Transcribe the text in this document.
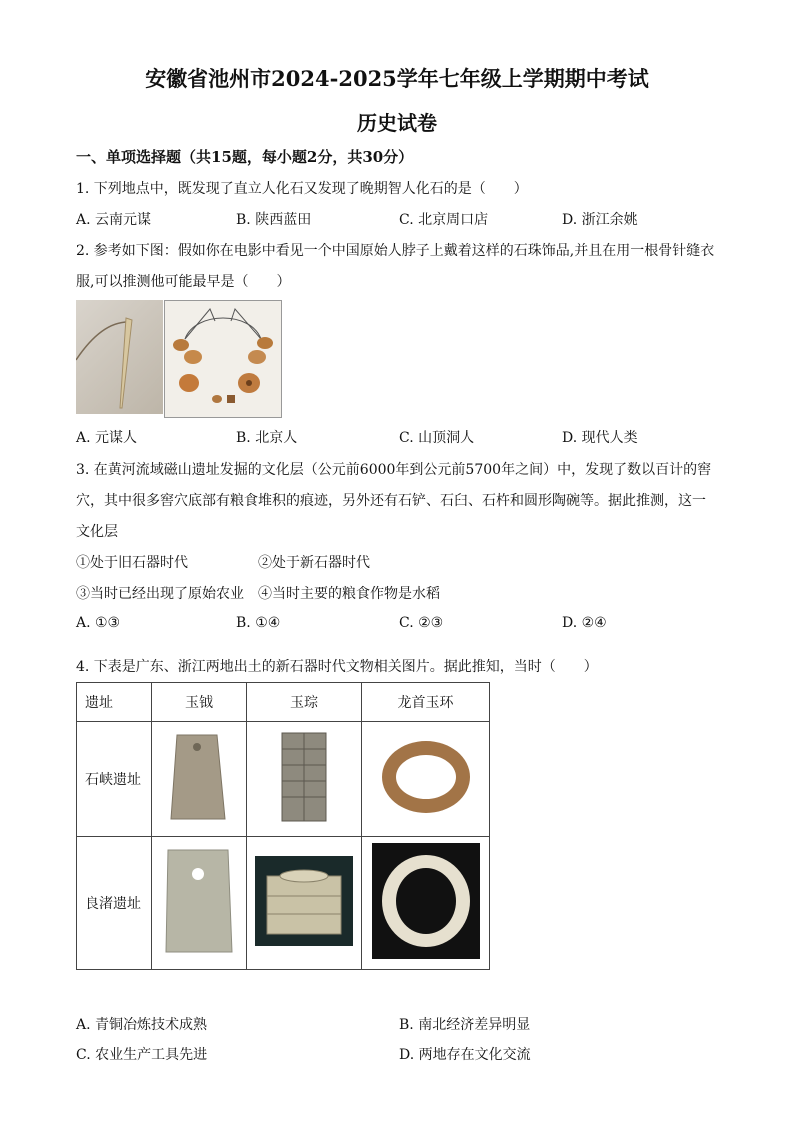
安徽省池州市2024-2025学年七年级上学期期中考试
历史试卷
一、单项选择题（共15题，每小题2分，共30分）
1. 下列地点中，既发现了直立人化石又发现了晚期智人化石的是（　　）
A. 云南元谋	B. 陕西蓝田	C. 北京周口店	D. 浙江余姚
2. 参考如下图：假如你在电影中看见一个中国原始人脖子上戴着这样的石珠饰品,并且在用一根骨针缝衣
服,可以推测他可能最早是（　　）
A. 元谋人	B. 北京人	C. 山顶洞人	D. 现代人类
3. 在黄河流域磁山遗址发掘的文化层（公元前6000年到公元前5700年之间）中，发现了数以百计的窖
穴，其中很多窖穴底部有粮食堆积的痕迹，另外还有石铲、石臼、石杵和圆形陶碗等。据此推测，这一
文化层
①处于旧石器时代	②处于新石器时代
③当时已经出现了原始农业 ④当时主要的粮食作物是水稻
A. ①③	B. ①④	C. ②③	D. ②④
4. 下表是广东、浙江两地出土的新石器时代文物相关图片。据此推知，当时（　　）
遗址	玉钺	玉琮	龙首玉环
石峡遗址			
良渚遗址			
A. 青铜冶炼技术成熟	B. 南北经济差异明显
C. 农业生产工具先进	D. 两地存在文化交流
